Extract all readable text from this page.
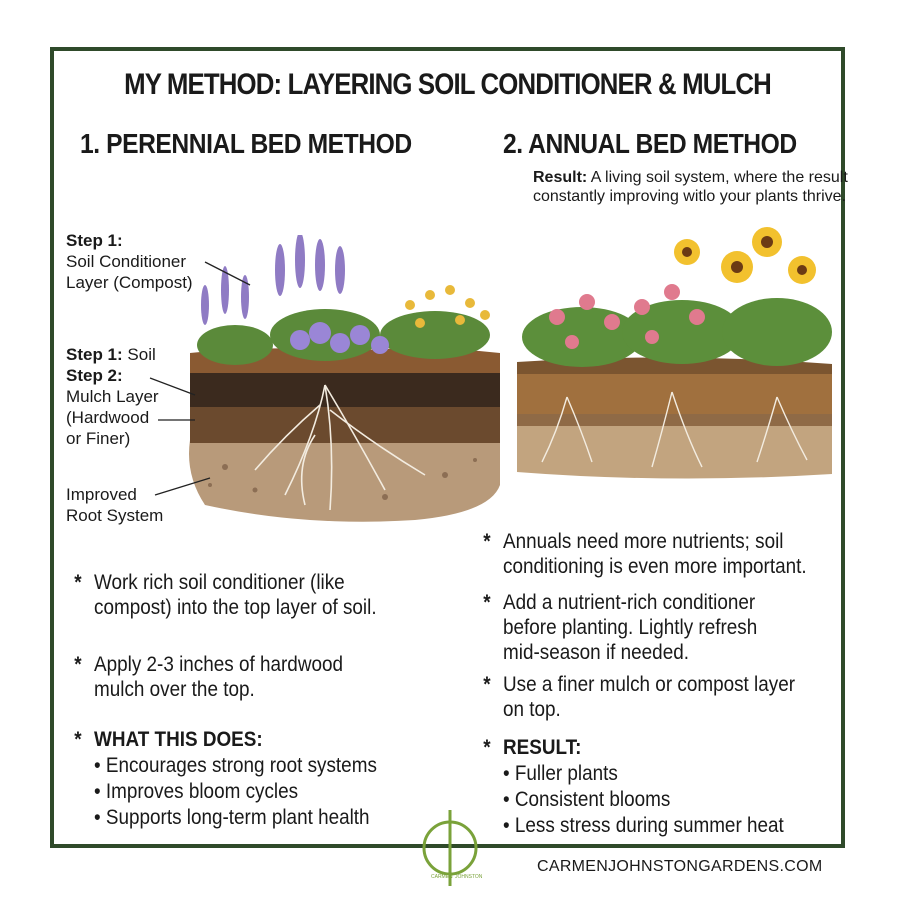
MY METHOD: LAYERING SOIL CONDITIONER & MULCH
1. PERENNIAL BED METHOD	2. ANNUAL BED METHOD
Result: A living soil system, where the result constantly improving witlo your plants thrive.
Step 1:
Soil Conditioner
Layer (Compost)
Step 1: Soil
Step 2:
Mulch Layer
(Hardwood
or Finer)
Improved
Root System
* Work rich soil conditioner (like compost) into the top layer of soil.
* Apply 2-3 inches of hardwood mulch over the top.
* WHAT THIS DOES:
• Encourages strong root systems
• Improves bloom cycles
• Supports long-term plant health
* Annuals need more nutrients; soil conditioning is even more important.
* Add a nutrient-rich conditioner before planting. Lightly refresh mid-season if needed.
* Use a finer mulch or compost layer on top.
* RESULT:
• Fuller plants
• Consistent blooms
• Less stress during summer heat
CARMEN JOHNSTON
CARMENJOHNSTONGARDENS.COM
